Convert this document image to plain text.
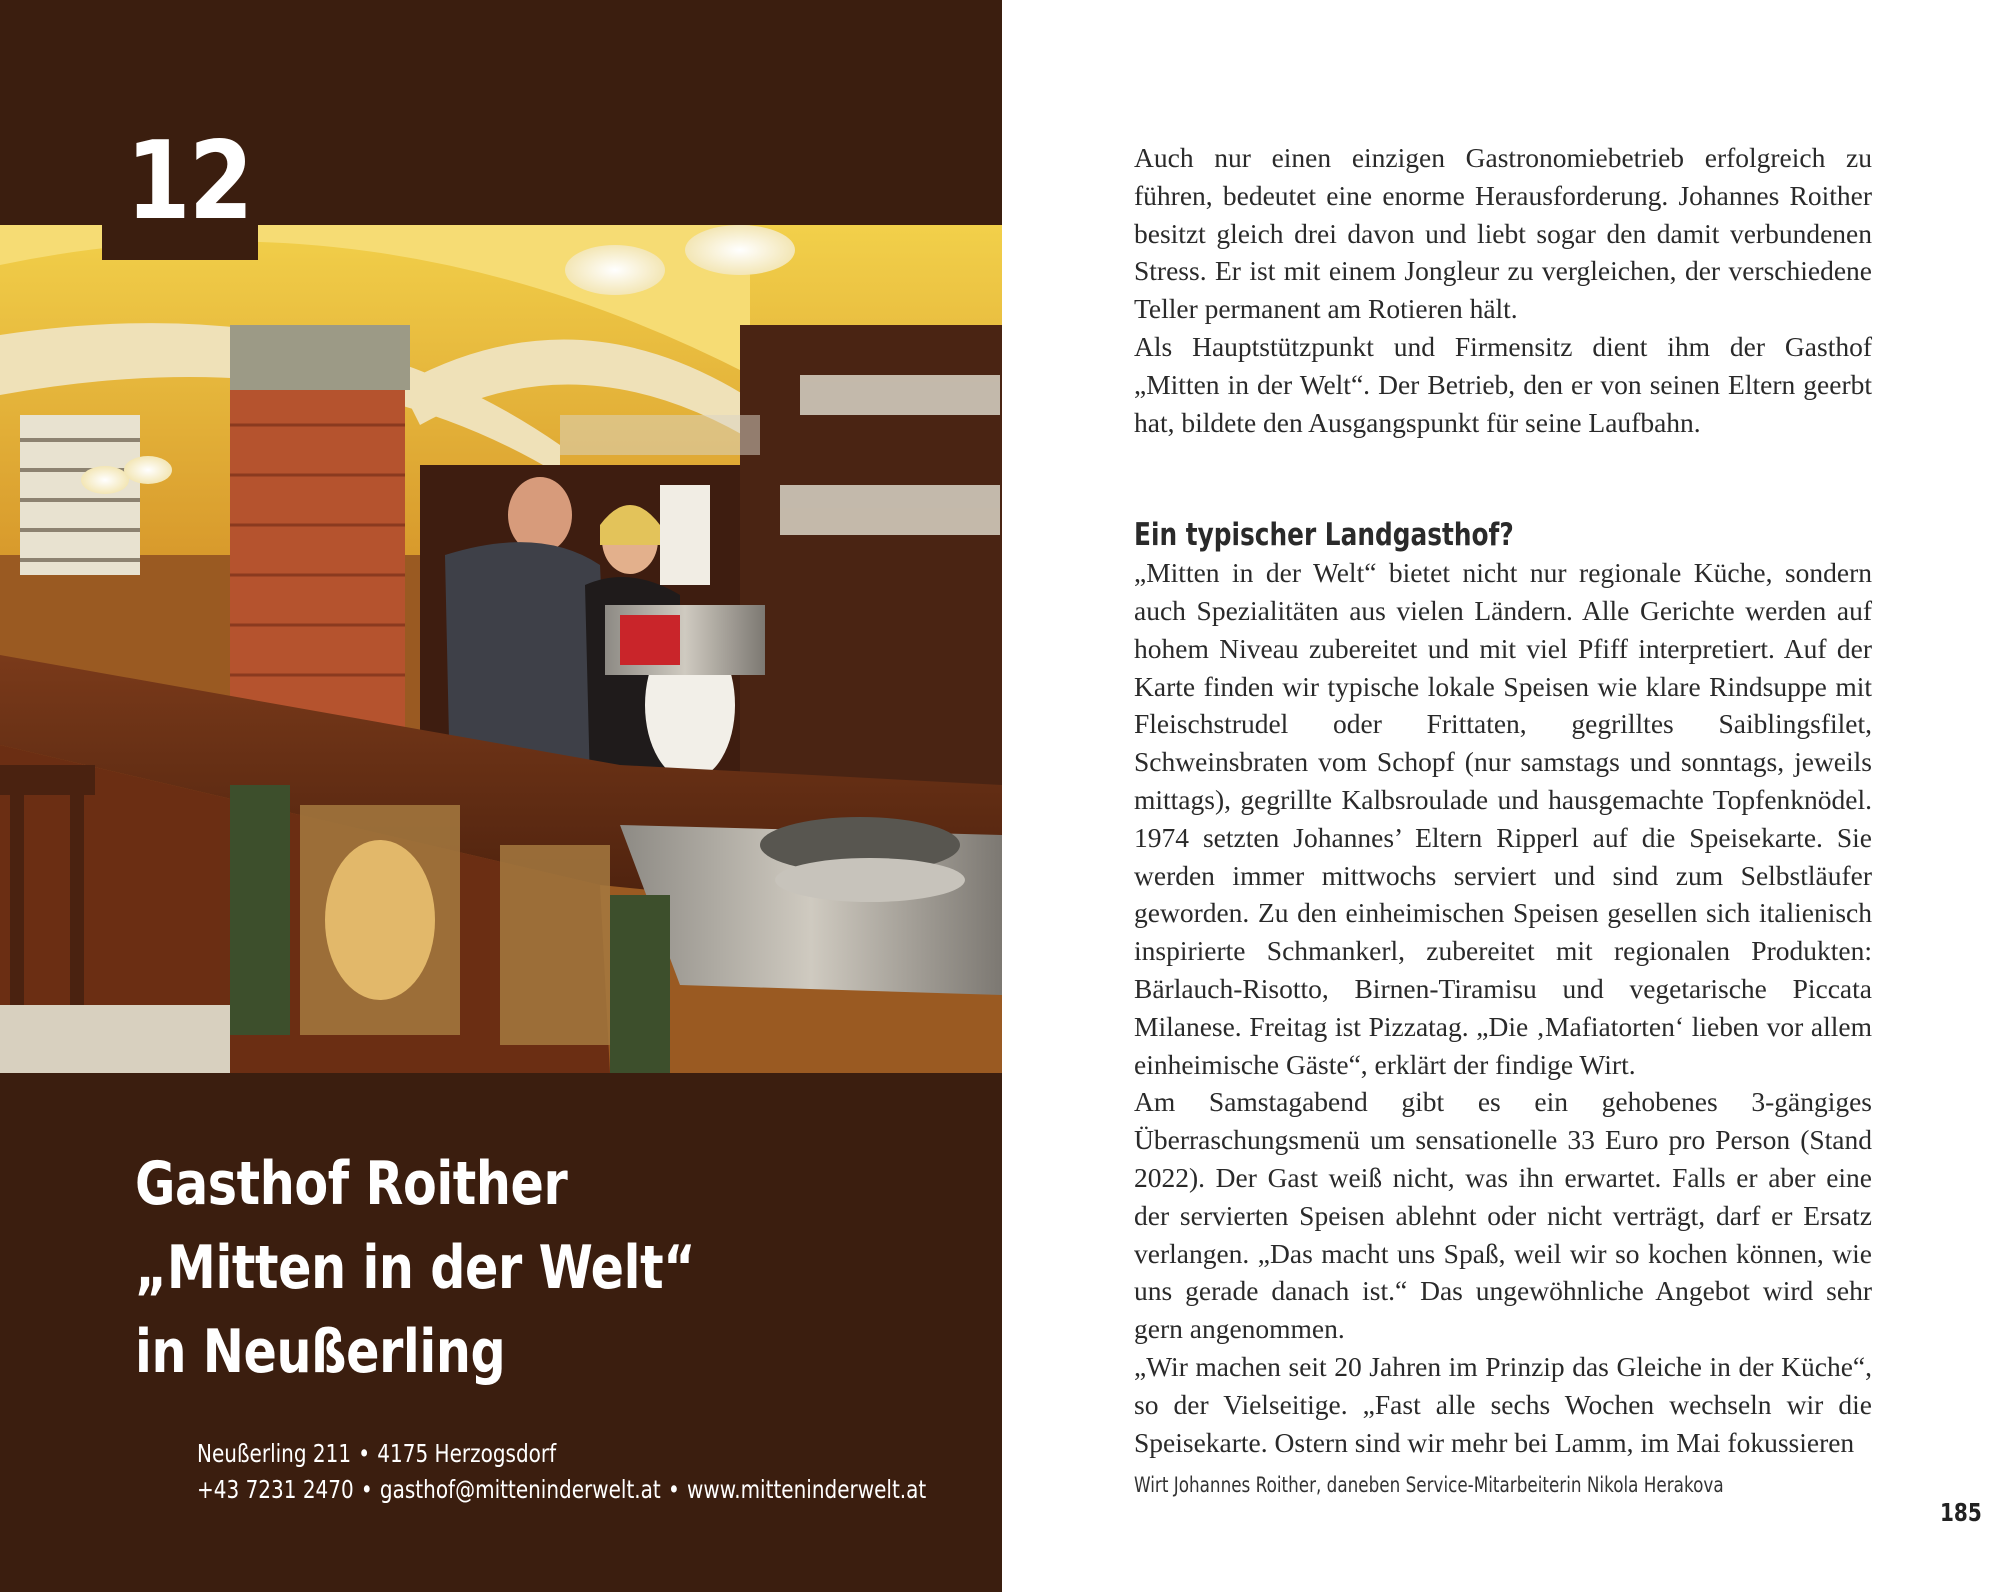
12
Gasthof Roither
„Mitten in der Welt“
in Neußerling
Neußerling 211 • 4175 Herzogsdorf
+43 7231 2470 • gasthof@mitteninderwelt.at • www.mitteninderwelt.at

Auch nur einen einzigen Gastronomiebetrieb erfolgreich zu führen, bedeutet eine enorme Herausforderung. Johannes Roither besitzt gleich drei davon und liebt sogar den damit verbundenen Stress. Er ist mit einem Jongleur zu vergleichen, der verschiedene Teller permanent am Rotieren hält.

Als Hauptstützpunkt und Firmensitz dient ihm der Gasthof „Mitten in der Welt“. Der Betrieb, den er von seinen Eltern geerbt hat, bildete den Ausgangspunkt für seine Laufbahn.

Ein typischer Landgasthof?

„Mitten in der Welt“ bietet nicht nur regionale Küche, sondern auch Spezialitäten aus vielen Ländern. Alle Gerichte werden auf hohem Niveau zubereitet und mit viel Pfiff interpretiert. Auf der Karte finden wir typische lokale Speisen wie klare Rindsuppe mit Fleischstrudel oder Frittaten, gegrilltes Saiblingsfilet, Schweinsbraten vom Schopf (nur samstags und sonntags, jeweils mittags), gegrillte Kalbsroulade und hausgemachte Topfenknödel. 1974 setzten Johannes’ Eltern Ripperl auf die Speisekarte. Sie werden immer mittwochs serviert und sind zum Selbstläufer geworden. Zu den einheimischen Speisen gesellen sich italienisch inspirierte Schmankerl, zubereitet mit regionalen Produkten: Bärlauch-Risotto, Birnen-Tiramisu und vegetarische Piccata Milanese. Freitag ist Pizzatag. „Die ‚Mafiatorten‘ lieben vor allem einheimische Gäste“, erklärt der findige Wirt.

Am Samstagabend gibt es ein gehobenes 3-gängiges Überraschungsmenü um sensationelle 33 Euro pro Person (Stand 2022). Der Gast weiß nicht, was ihn erwartet. Falls er aber eine der servierten Speisen ablehnt oder nicht verträgt, darf er Ersatz verlangen. „Das macht uns Spaß, weil wir so kochen können, wie uns gerade danach ist.“ Das ungewöhnliche Angebot wird sehr gern angenommen.

„Wir machen seit 20 Jahren im Prinzip das Gleiche in der Küche“, so der Vielseitige. „Fast alle sechs Wochen wechseln wir die Speisekarte. Ostern sind wir mehr bei Lamm, im Mai fokussieren

Wirt Johannes Roither, daneben Service-Mitarbeiterin Nikola Herakova
185
